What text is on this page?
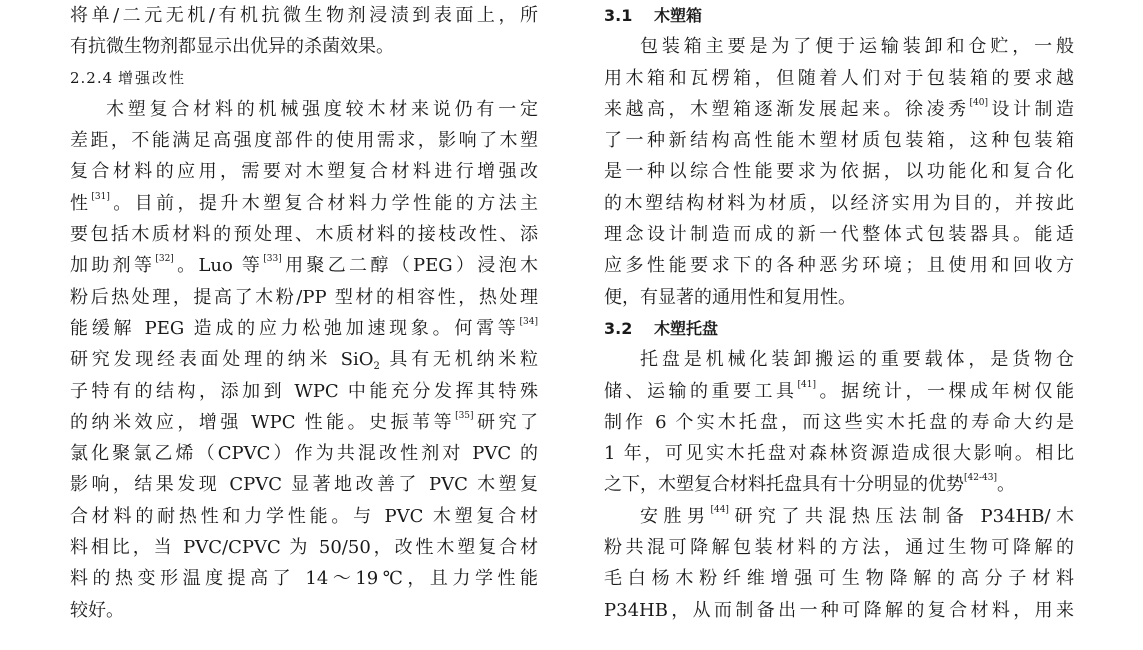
将单/二元无机/有机抗微生物剂浸渍到表面上，所
有抗微生物剂都显示出优异的杀菌效果。
2.2.4 增强改性
木塑复合材料的机械强度较木材来说仍有一定
差距，不能满足高强度部件的使用需求，影响了木塑
复合材料的应用，需要对木塑复合材料进行增强改
性[31]。目前，提升木塑复合材料力学性能的方法主
要包括木质材料的预处理、木质材料的接枝改性、添
加助剂等[32]。Luo 等[33]用聚乙二醇（PEG）浸泡木
粉后热处理，提高了木粉/PP 型材的相容性，热处理
能缓解 PEG 造成的应力松弛加速现象。何霄等[34]
研究发现经表面处理的纳米 SiO$_2$ 具有无机纳米粒
子特有的结构，添加到 WPC 中能充分发挥其特殊
的纳米效应，增强 WPC 性能。史振苇等[35]研究了
氯化聚氯乙烯（CPVC）作为共混改性剂对 PVC 的
影响，结果发现 CPVC 显著地改善了 PVC 木塑复
合材料的耐热性和力学性能。与 PVC 木塑复合材
料相比，当 PVC/CPVC 为 50/50，改性木塑复合材
料的热变形温度提高了 14～19℃，且力学性能
较好。
3.1 木塑箱
包装箱主要是为了便于运输装卸和仓贮，一般
用木箱和瓦楞箱，但随着人们对于包装箱的要求越
来越高，木塑箱逐渐发展起来。徐凌秀[40]设计制造
了一种新结构高性能木塑材质包装箱，这种包装箱
是一种以综合性能要求为依据，以功能化和复合化
的木塑结构材料为材质，以经济实用为目的，并按此
理念设计制造而成的新一代整体式包装器具。能适
应多性能要求下的各种恶劣环境；且使用和回收方
便，有显著的通用性和复用性。
3.2 木塑托盘
托盘是机械化装卸搬运的重要载体，是货物仓
储、运输的重要工具[41]。据统计，一棵成年树仅能
制作 6 个实木托盘，而这些实木托盘的寿命大约是
1 年，可见实木托盘对森林资源造成很大影响。相比
之下，木塑复合材料托盘具有十分明显的优势[42-43]。
安胜男[44]研究了共混热压法制备 P34HB/木
粉共混可降解包装材料的方法，通过生物可降解的
毛白杨木粉纤维增强可生物降解的高分子材料
P34HB，从而制备出一种可降解的复合材料，用来
